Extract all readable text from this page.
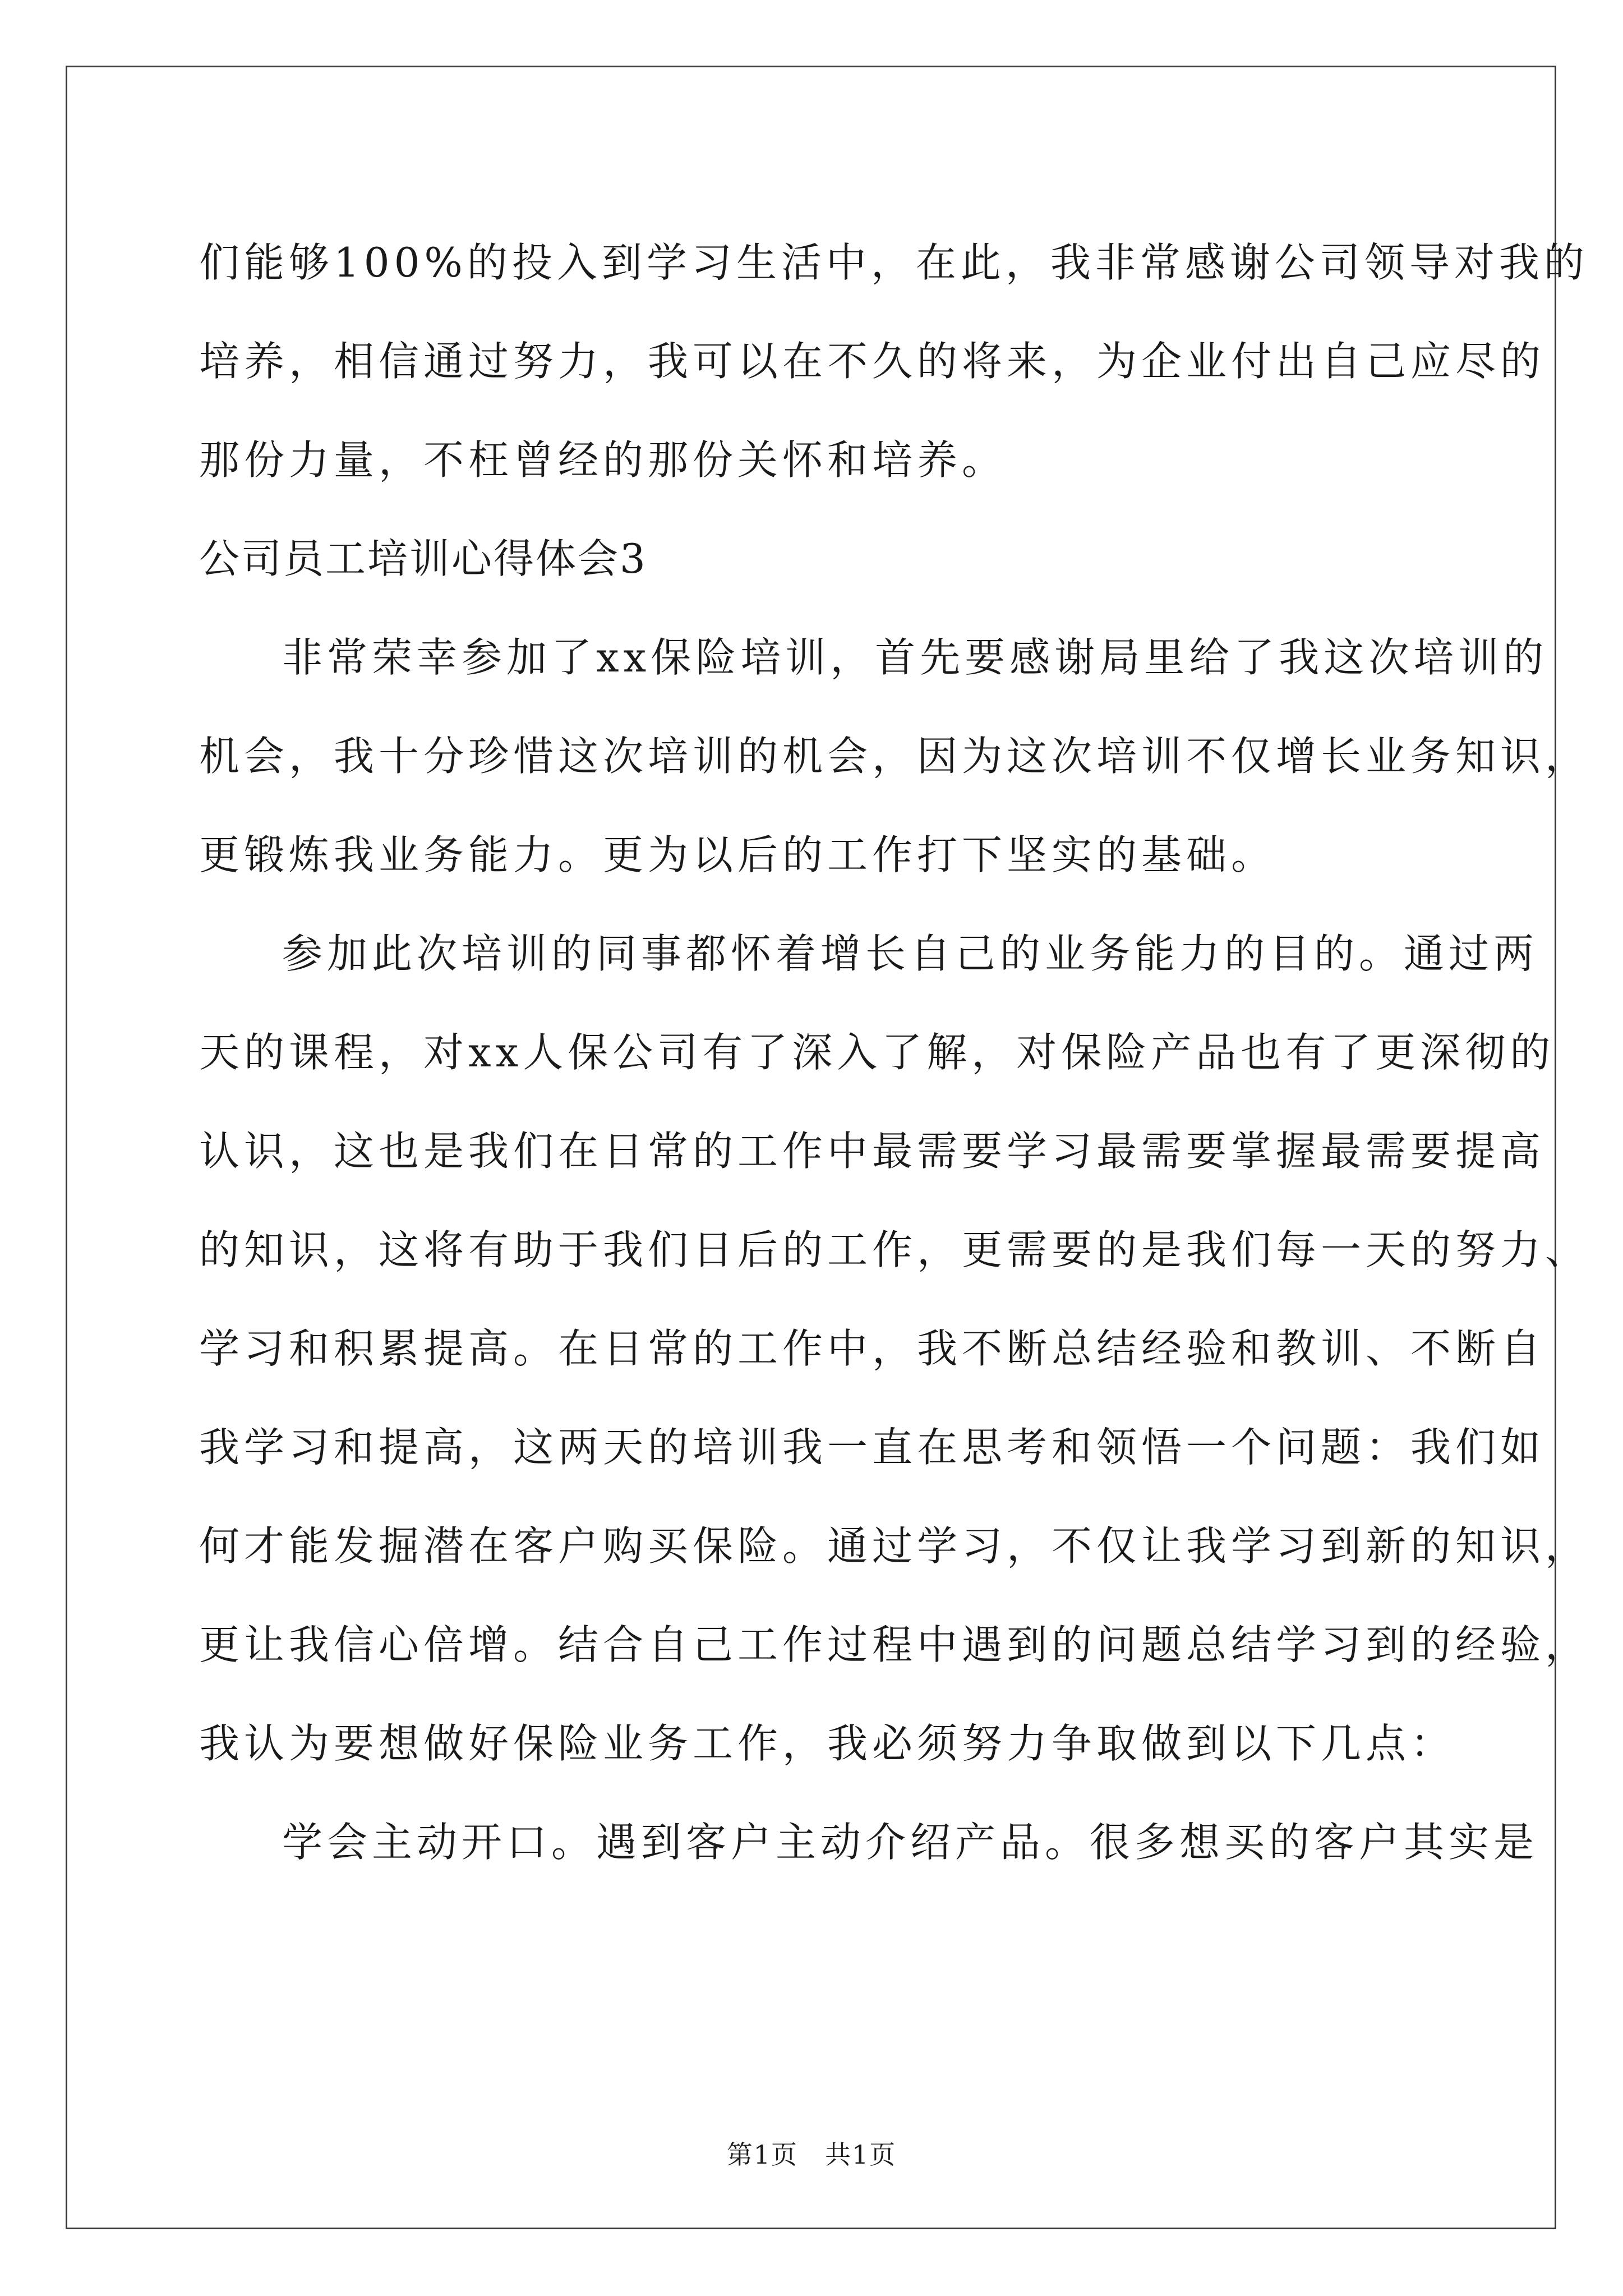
们能够100%的投入到学习生活中，在此，我非常感谢公司领导对我的
培养，相信通过努力，我可以在不久的将来，为企业付出自己应尽的
那份力量，不枉曾经的那份关怀和培养。
公司员工培训心得体会3
非常荣幸参加了xx保险培训，首先要感谢局里给了我这次培训的
机会，我十分珍惜这次培训的机会，因为这次培训不仅增长业务知识，
更锻炼我业务能力。更为以后的工作打下坚实的基础。
参加此次培训的同事都怀着增长自己的业务能力的目的。通过两
天的课程，对xx人保公司有了深入了解，对保险产品也有了更深彻的
认识，这也是我们在日常的工作中最需要学习最需要掌握最需要提高
的知识，这将有助于我们日后的工作，更需要的是我们每一天的努力、
学习和积累提高。在日常的工作中，我不断总结经验和教训、不断自
我学习和提高，这两天的培训我一直在思考和领悟一个问题：我们如
何才能发掘潜在客户购买保险。通过学习，不仅让我学习到新的知识，
更让我信心倍增。结合自己工作过程中遇到的问题总结学习到的经验，
我认为要想做好保险业务工作，我必须努力争取做到以下几点：
学会主动开口。遇到客户主动介绍产品。很多想买的客户其实是
第1页 共1页
